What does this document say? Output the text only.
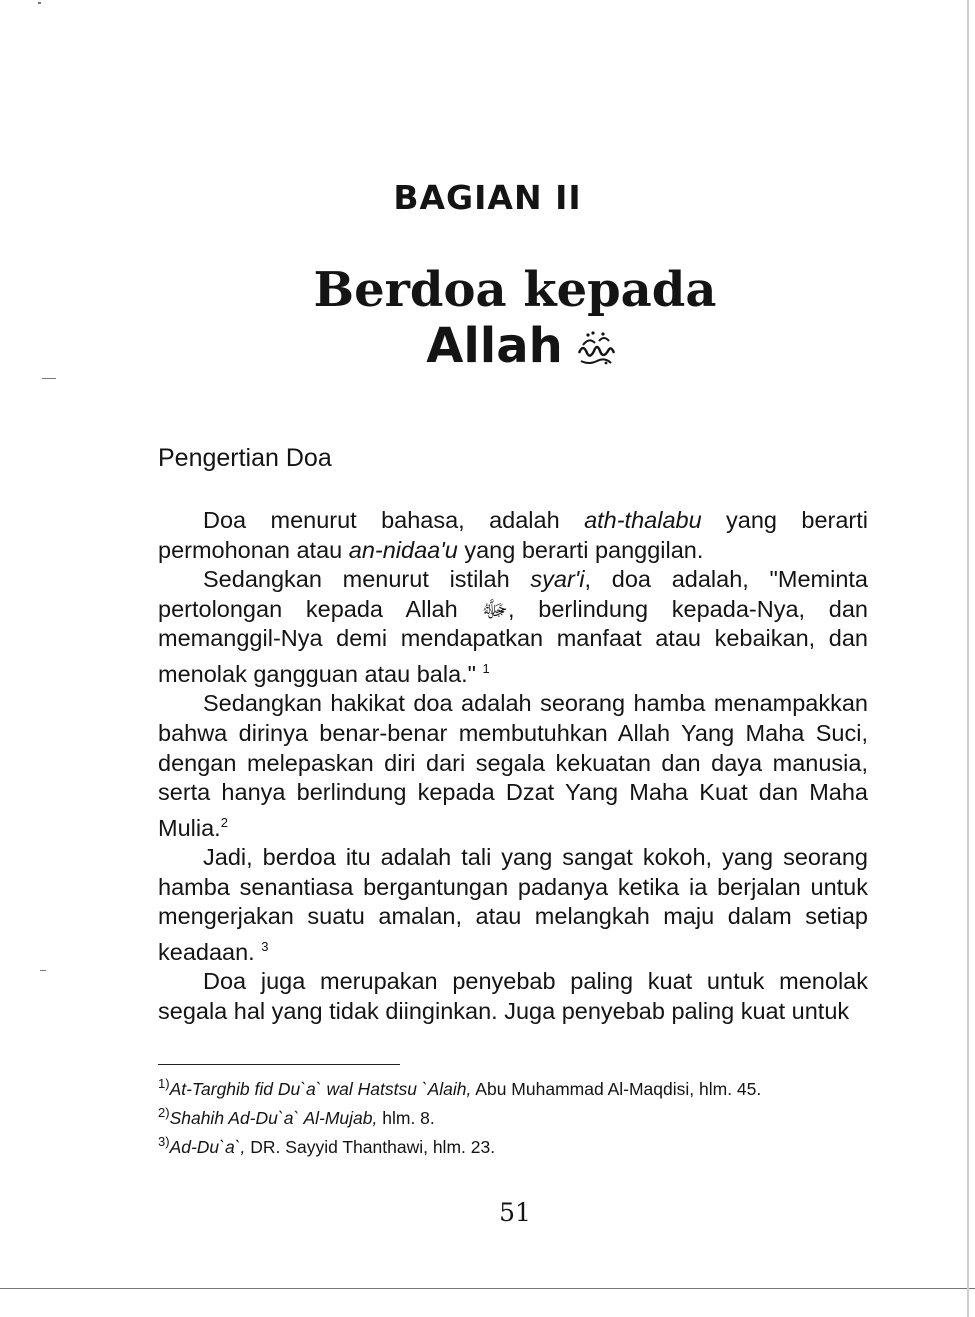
BAGIAN II
Berdoa kepada
Allah
Pengertian Doa

Doa menurut bahasa, adalah ath-thalabu yang berarti permohonan atau an-nidaa'u yang berarti panggilan.

Sedangkan menurut istilah syar'i, doa adalah, "Meminta pertolongan kepada Allah ﷻ, berlindung kepada-Nya, dan memanggil-Nya demi mendapatkan manfaat atau kebaikan, dan menolak gangguan atau bala." $^1$

Sedangkan hakikat doa adalah seorang hamba menampakkan bahwa dirinya benar-benar membutuhkan Allah Yang Maha Suci, dengan melepaskan diri dari segala kekuatan dan daya manusia, serta hanya berlindung kepada Dzat Yang Maha Kuat dan Maha Mulia.$^2$

Jadi, berdoa itu adalah tali yang sangat kokoh, yang seorang hamba senantiasa bergantungan padanya ketika ia berjalan untuk mengerjakan suatu amalan, atau melangkah maju dalam setiap keadaan. $^3$

Doa juga merupakan penyebab paling kuat untuk menolak segala hal yang tidak diinginkan. Juga penyebab paling kuat untuk

$^{1)}$At-Targhib fid Du`a` wal Hatstsu `Alaih, Abu Muhammad Al-Maqdisi, hlm. 45.
$^{2)}$Shahih Ad-Du`a` Al-Mujab, hlm. 8.
$^{3)}$Ad-Du`a`, DR. Sayyid Thanthawi, hlm. 23.
51
